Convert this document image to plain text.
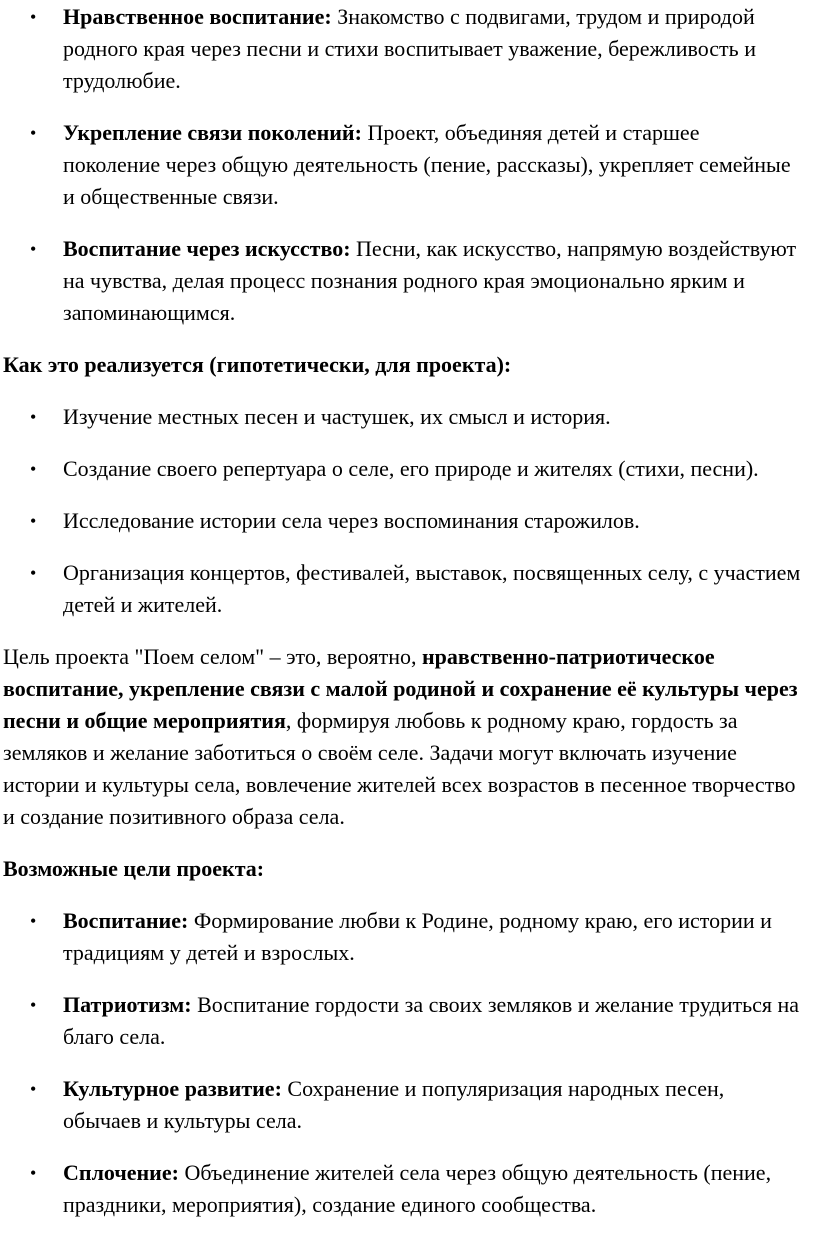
• Нравственное воспитание: Знакомство с подвигами, трудом и природой родного края через песни и стихи воспитывает уважение, бережливость и трудолюбие.
• Укрепление связи поколений: Проект, объединяя детей и старшее поколение через общую деятельность (пение, рассказы), укрепляет семейные и общественные связи.
• Воспитание через искусство: Песни, как искусство, напрямую воздействуют на чувства, делая процесс познания родного края эмоционально ярким и запоминающимся.
Как это реализуется (гипотетически, для проекта):
• Изучение местных песен и частушек, их смысл и история.
• Создание своего репертуара о селе, его природе и жителях (стихи, песни).
• Исследование истории села через воспоминания старожилов.
• Организация концертов, фестивалей, выставок, посвященных селу, с участием детей и жителей.
Цель проекта "Поем селом" – это, вероятно, нравственно-патриотическое воспитание, укрепление связи с малой родиной и сохранение её культуры через песни и общие мероприятия, формируя любовь к родному краю, гордость за земляков и желание заботиться о своём селе. Задачи могут включать изучение истории и культуры села, вовлечение жителей всех возрастов в песенное творчество и создание позитивного образа села.
Возможные цели проекта:
• Воспитание: Формирование любви к Родине, родному краю, его истории и традициям у детей и взрослых.
• Патриотизм: Воспитание гордости за своих земляков и желание трудиться на благо села.
• Культурное развитие: Сохранение и популяризация народных песен, обычаев и культуры села.
• Сплочение: Объединение жителей села через общую деятельность (пение, праздники, мероприятия), создание единого сообщества.
